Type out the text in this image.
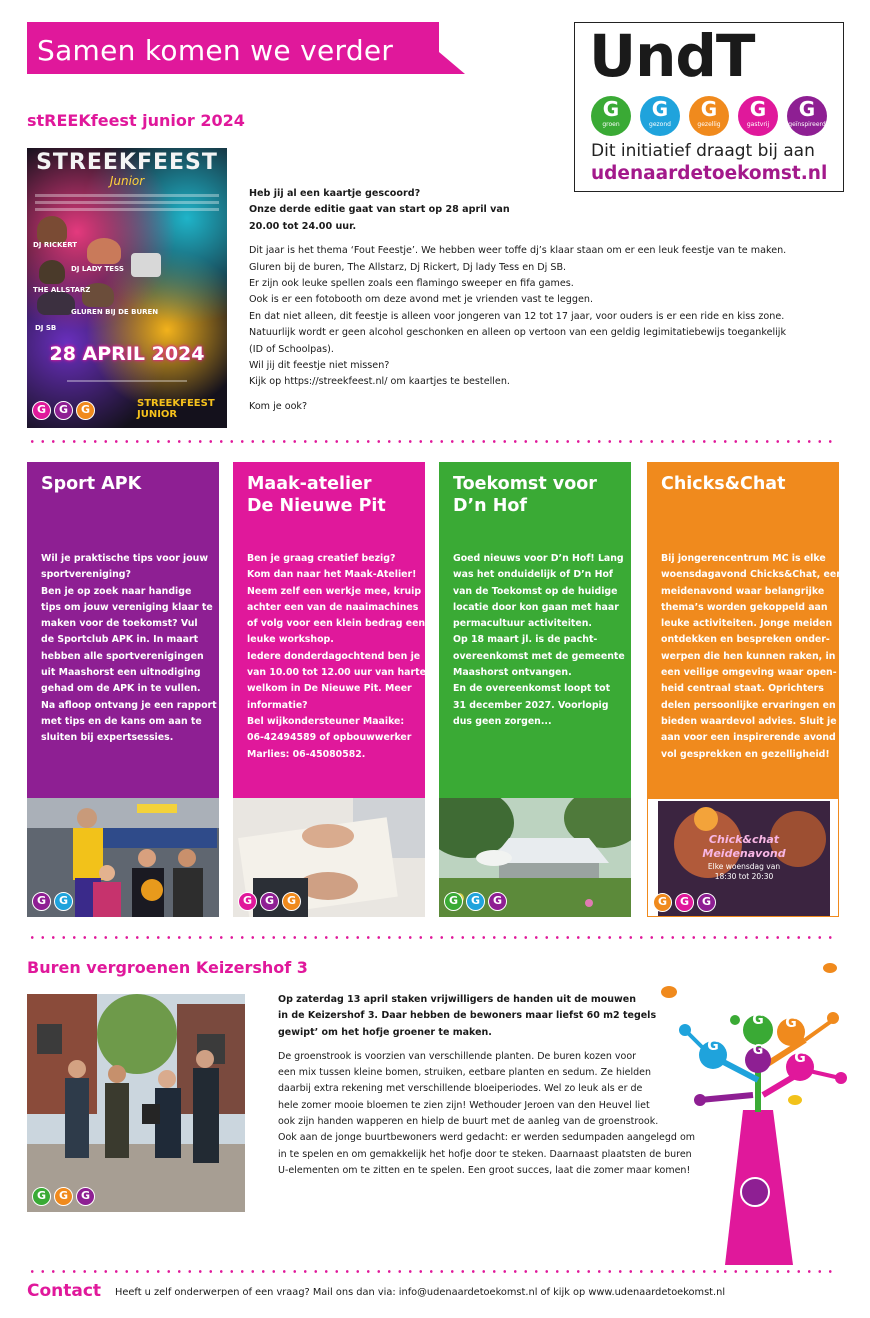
Samen komen we verder	UndT
G
groen
G
gezond
G
gezellig
G
gastvrij
G
geïnspireerd
Dit initiatief draagt bij aan
udenaardetoekomst.nl
stREEKfeest junior 2024
STREEKFEEST
Junior
DJ RICKERT
DJ LADY TESS
THE ALLSTARZ
GLUREN BIJ DE BUREN
DJ SB
28 APRIL 2024
STREEKFEEST JUNIOR
G	G	G

Heb jij al een kaartje gescoord?

Onze derde editie gaat van start op 28 april van

20.00 tot 24.00 uur.

Dit jaar is het thema ‘Fout Feestje’. We hebben weer toffe dj’s klaar staan om er een leuk feestje van te maken.

Gluren bij de buren, The Allstarz, Dj Rickert, Dj lady Tess en Dj SB.

Er zijn ook leuke spellen zoals een flamingo sweeper en fifa games.

Ook is er een fotobooth om deze avond met je vrienden vast te leggen.

En dat niet alleen, dit feestje is alleen voor jongeren van 12 tot 17 jaar, voor ouders is er een ride en kiss zone.

Natuurlijk wordt er geen alcohol geschonken en alleen op vertoon van een geldig legimitatiebewijs toegankelijk

(ID of Schoolpas).

Wil jij dit feestje niet missen?

Kijk op https://streekfeest.nl/ om kaartjes te bestellen.

Kom je ook?

Sport APK

Wil je praktische tips voor jouw

sportvereniging?

Ben je op zoek naar handige

tips om jouw vereniging klaar te

maken voor de toekomst? Vul

de Sportclub APK in. In maart

hebben alle sportverenigingen

uit Maashorst een uitnodiging

gehad om de APK in te vullen.

Na afloop ontvang je een rapport

met tips en de kans om aan te

sluiten bij expertsessies.

G	G
Maak-atelier
De Nieuwe Pit

Ben je graag creatief bezig?

Kom dan naar het Maak-Atelier!

Neem zelf een werkje mee, kruip

achter een van de naaimachines

of volg voor een klein bedrag een

leuke workshop.

Iedere donderdagochtend ben je

van 10.00 tot 12.00 uur van harte

welkom in De Nieuwe Pit. Meer

informatie?

Bel wijkondersteuner Maaike:

06-42494589 of opbouwwerker

Marlies: 06-45080582.

G	G	G
Toekomst voor
D’n Hof

Goed nieuws voor D’n Hof! Lang

was het onduidelijk of D’n Hof

van de Toekomst op de huidige

locatie door kon gaan met haar

permacultuur activiteiten.

Op 18 maart jl. is de pacht-

overeenkomst met de gemeente

Maashorst ontvangen.

En de overeenkomst loopt tot

31 december 2027. Voorlopig

dus geen zorgen...

G	G	G
Chicks&Chat

Bij jongerencentrum MC is elke

woensdagavond Chicks&Chat, een

meidenavond waar belangrijke

thema’s worden gekoppeld aan

leuke activiteiten. Jonge meiden

ontdekken en bespreken onder-

werpen die hen kunnen raken, in

een veilige omgeving waar open-

heid centraal staat. Oprichters

delen persoonlijke ervaringen en

bieden waardevol advies. Sluit je

aan voor een inspirerende avond

vol gesprekken en gezelligheid!

Chick&chat
Meidenavond
Elke woensdag van
18:30 tot 20:30
G	G	G
Buren vergroenen Keizershof 3
G	G	G

Op zaterdag 13 april staken vrijwilligers de handen uit de mouwen

in de Keizershof 3. Daar hebben de bewoners maar liefst 60 m2 tegels

gewipt’ om het hofje groener te maken.

De groenstrook is voorzien van verschillende planten. De buren kozen voor

een mix tussen kleine bomen, struiken, eetbare planten en sedum. Ze hielden

daarbij extra rekening met verschillende bloeiperiodes. Wel zo leuk als er de

hele zomer mooie bloemen te zien zijn! Wethouder Jeroen van den Heuvel liet

ook zijn handen wapperen en hielp de buurt met de aanleg van de groenstrook.

Ook aan de jonge buurtbewoners werd gedacht: er werden sedumpaden aangelegd om

in te spelen en om gemakkelijk het hofje door te steken. Daarnaast plaatsten de buren

U-elementen om te zitten en te spelen. Een groot succes, laat die zomer maar komen!

G
G
G
G
G
Contact Heeft u zelf onderwerpen of een vraag? Mail ons dan via: info@udenaardetoekomst.nl of kijk op www.udenaardetoekomst.nl
